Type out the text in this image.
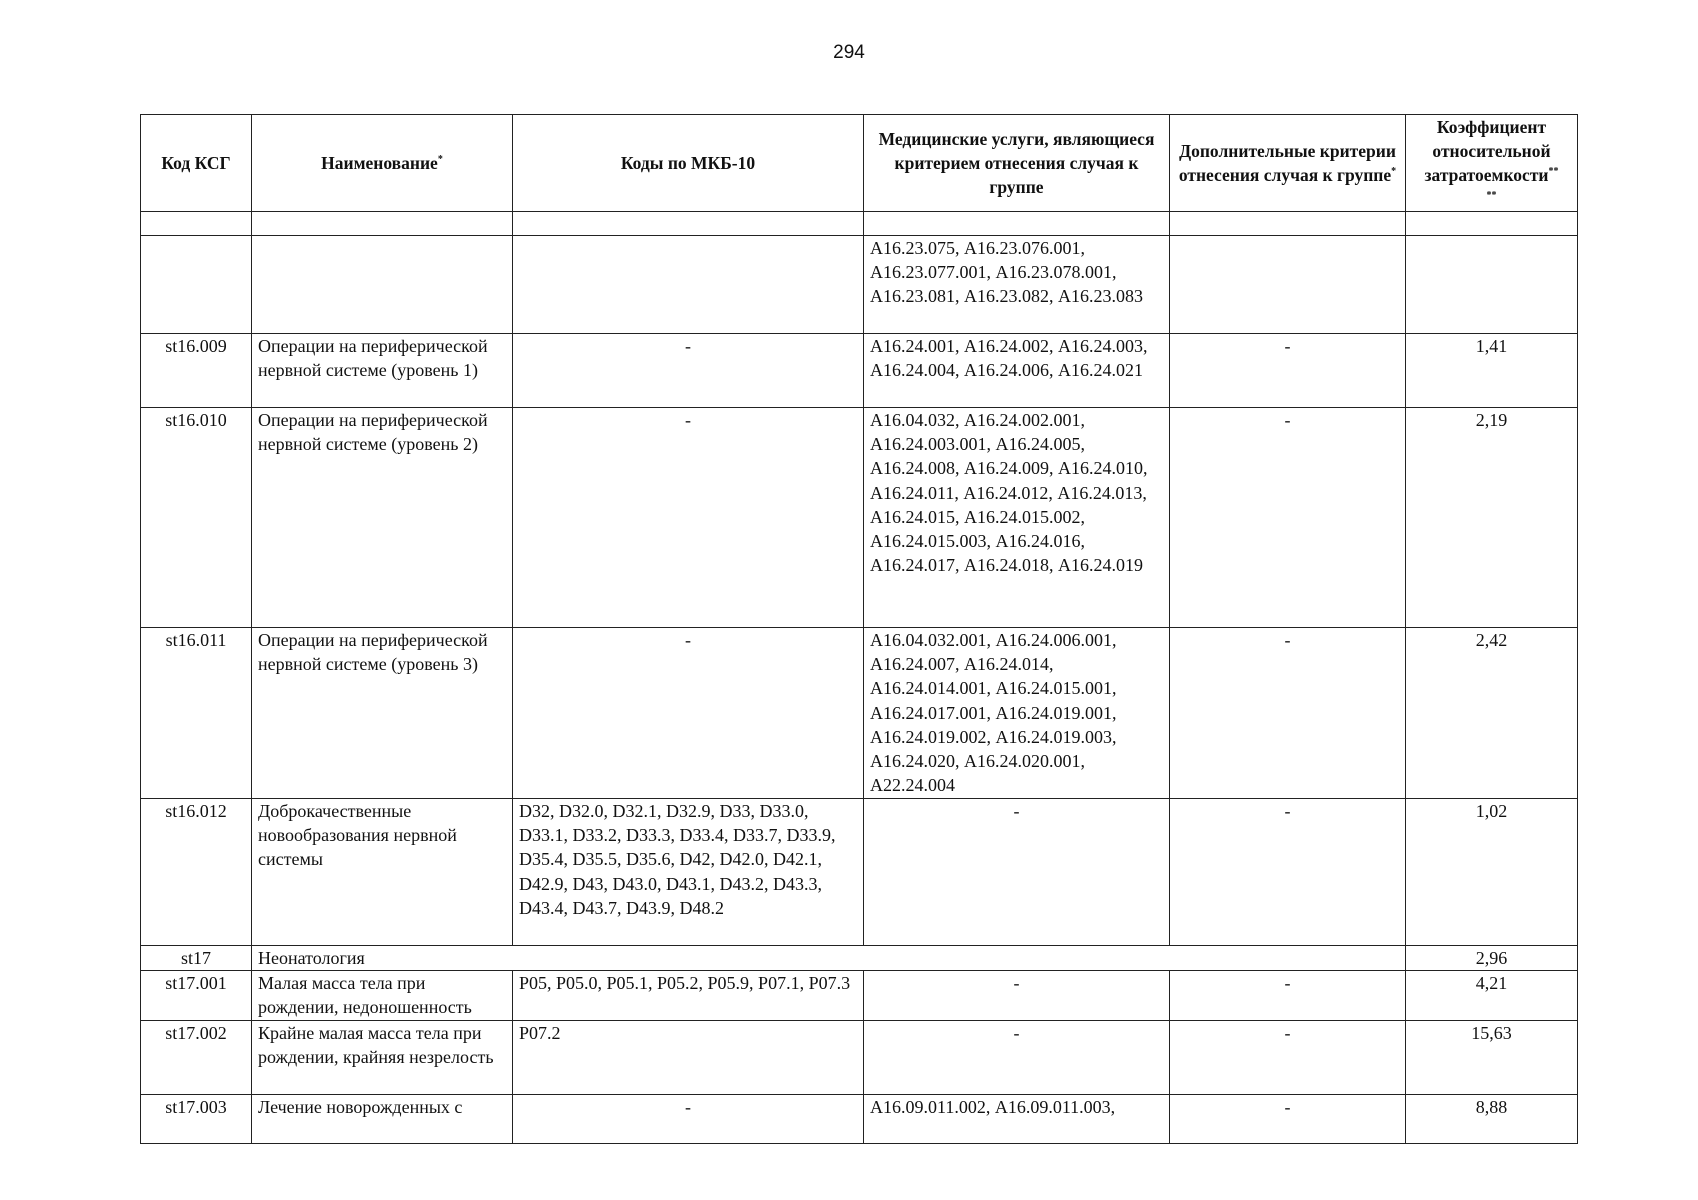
294
Код КСГ	Наименование*	Коды по МКБ-10	Медицинские услуги, являющиеся критерием отнесения случая к группе	Дополнительные критерии отнесения случая к группе*	Коэффициент относительной затратоемкости**
**

			А16.23.075, А16.23.076.001, А16.23.077.001, А16.23.078.001, А16.23.081, А16.23.082, А16.23.083		
st16.009	Операции на периферической нервной системе (уровень 1)	-	А16.24.001, А16.24.002, А16.24.003, А16.24.004, А16.24.006, А16.24.021	-	1,41
st16.010	Операции на периферической нервной системе (уровень 2)	-	А16.04.032, А16.24.002.001, А16.24.003.001, А16.24.005, А16.24.008, А16.24.009, А16.24.010, А16.24.011, А16.24.012, А16.24.013, А16.24.015, А16.24.015.002, А16.24.015.003, А16.24.016, А16.24.017, А16.24.018, А16.24.019	-	2,19
st16.011	Операции на периферической нервной системе (уровень 3)	-	А16.04.032.001, А16.24.006.001, А16.24.007, А16.24.014, А16.24.014.001, А16.24.015.001, А16.24.017.001, А16.24.019.001, А16.24.019.002, А16.24.019.003, А16.24.020, А16.24.020.001, А22.24.004	-	2,42
st16.012	Доброкачественные новообразования нервной системы	D32, D32.0, D32.1, D32.9, D33, D33.0, D33.1, D33.2, D33.3, D33.4, D33.7, D33.9, D35.4, D35.5, D35.6, D42, D42.0, D42.1, D42.9, D43, D43.0, D43.1, D43.2, D43.3, D43.4, D43.7, D43.9, D48.2	-	-	1,02
st17	Неонатология				2,96
st17.001	Малая масса тела при рождении, недоношенность	P05, P05.0, P05.1, P05.2, P05.9, P07.1, P07.3	-	-	4,21
st17.002	Крайне малая масса тела при рождении, крайняя незрелость	P07.2	-	-	15,63
st17.003	Лечение новорожденных с	-	А16.09.011.002, А16.09.011.003,	-	8,88
